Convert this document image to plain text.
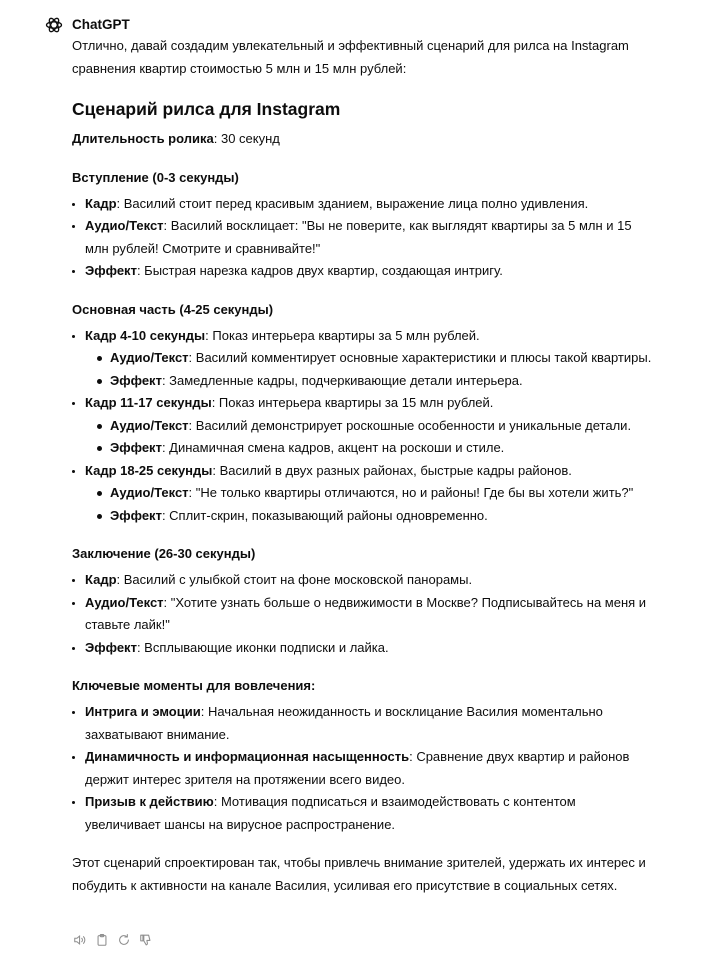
ChatGPT

Отлично, давай создадим увлекательный и эффективный сценарий для рилса на Instagram сравнения квартир стоимостью 5 млн и 15 млн рублей:

Сценарий рилса для Instagram

Длительность ролика: 30 секунд

Вступление (0-3 секунды)
Кадр: Василий стоит перед красивым зданием, выражение лица полно удивления.
Аудио/Текст: Василий восклицает: "Вы не поверите, как выглядят квартиры за 5 млн и 15 млн рублей! Смотрите и сравнивайте!"
Эффект: Быстрая нарезка кадров двух квартир, создающая интригу.
Основная часть (4-25 секунды)
Кадр 4-10 секунды: Показ интерьера квартиры за 5 млн рублей.
Аудио/Текст: Василий комментирует основные характеристики и плюсы такой квартиры.
Эффект: Замедленные кадры, подчеркивающие детали интерьера.
Кадр 11-17 секунды: Показ интерьера квартиры за 15 млн рублей.
Аудио/Текст: Василий демонстрирует роскошные особенности и уникальные детали.
Эффект: Динамичная смена кадров, акцент на роскоши и стиле.
Кадр 18-25 секунды: Василий в двух разных районах, быстрые кадры районов.
Аудио/Текст: "Не только квартиры отличаются, но и районы! Где бы вы хотели жить?"
Эффект: Сплит-скрин, показывающий районы одновременно.
Заключение (26-30 секунды)
Кадр: Василий с улыбкой стоит на фоне московской панорамы.
Аудио/Текст: "Хотите узнать больше о недвижимости в Москве? Подписывайтесь на меня и ставьте лайк!"
Эффект: Всплывающие иконки подписки и лайка.
Ключевые моменты для вовлечения:
Интрига и эмоции: Начальная неожиданность и восклицание Василия моментально захватывают внимание.
Динамичность и информационная насыщенность: Сравнение двух квартир и районов держит интерес зрителя на протяжении всего видео.
Призыв к действию: Мотивация подписаться и взаимодействовать с контентом увеличивает шансы на вирусное распространение.

Этот сценарий спроектирован так, чтобы привлечь внимание зрителей, удержать их интерес и побудить к активности на канале Василия, усиливая его присутствие в социальных сетях.
